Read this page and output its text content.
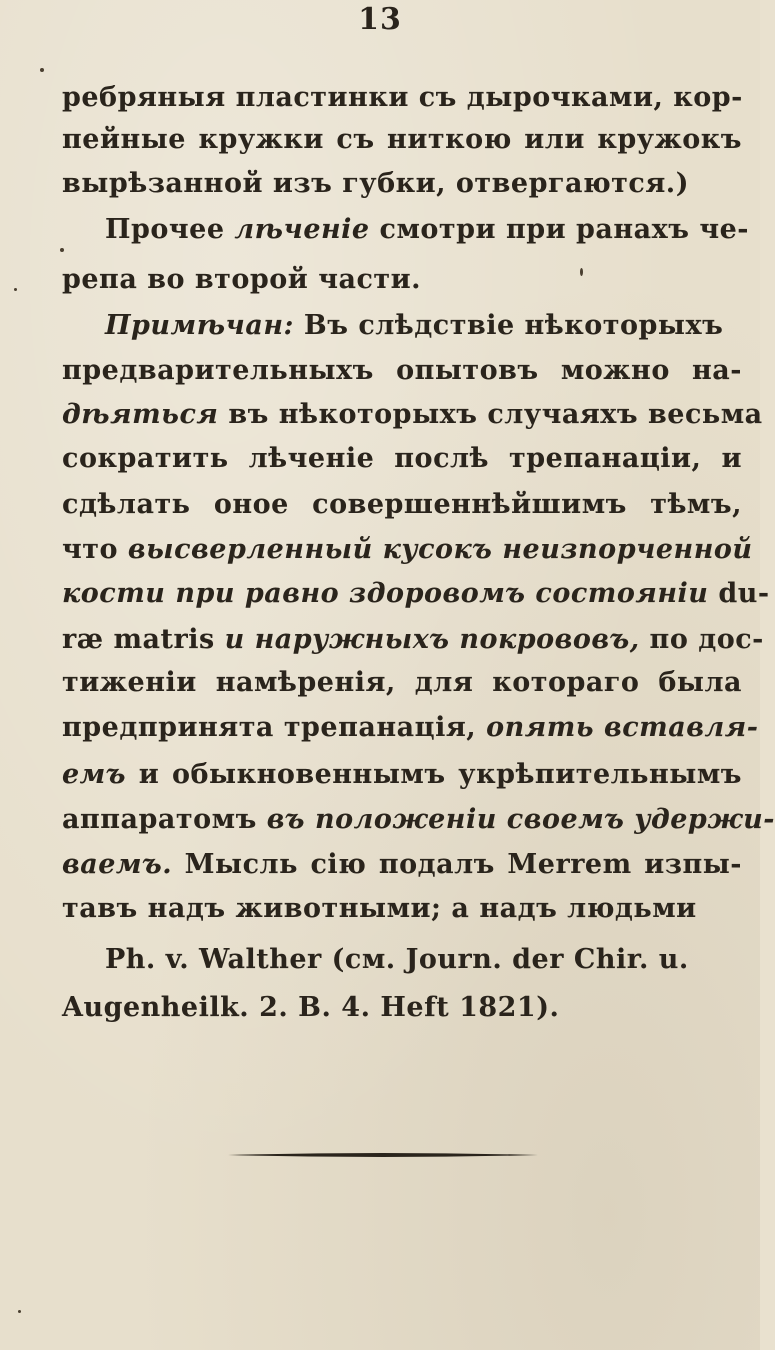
13
ребряныя пластинки съ дырочками, кор-
пейные кружки съ ниткою или кружокъ
вырѣзанной изъ губки, отвергаются.)
Прочее лѣченіе смотри при ранахъ че-
репа во второй части.
Примѣчан: Въ слѣдствіе нѣкоторыхъ
предварительныхъ опытовъ можно на-
дѣяться въ нѣкоторыхъ случаяхъ весьма
сократить лѣченіе послѣ трепанаціи, и
сдѣлать оное совершеннѣйшимъ тѣмъ,
что высверленный кусокъ неизпорченной
кости при равно здоровомъ состояніи du-
ræ matris и наружныхъ покрововъ, по дос-
тиженіи намѣренія, для котораго была
предпринята трепанація, опять вставля-
емъ и обыкновеннымъ укрѣпительнымъ
аппаратомъ въ положеніи своемъ удержи-
ваемъ. Мысль сію подалъ Merrem изпы-
тавъ надъ животными; а надъ людьми
Ph. v. Walther (см. Journ. der Chir. u.
Augenheilk. 2. B. 4. Heft 1821).
